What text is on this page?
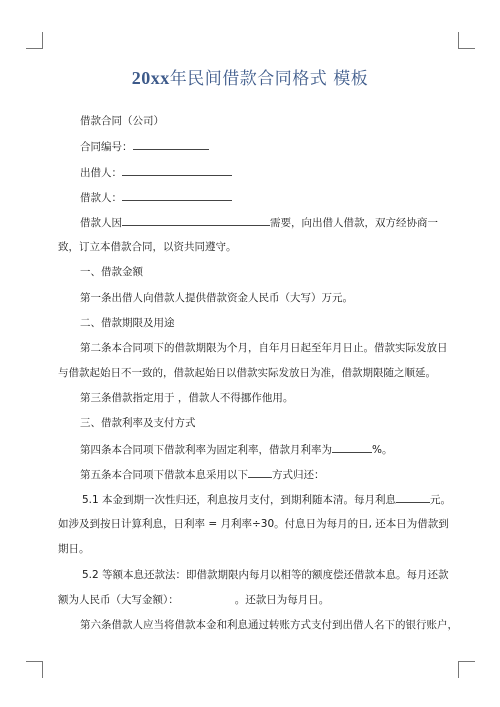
20xx年民间借款合同格式 模板
借款合同（公司）
合同编号：
出借人：
借款人：
借款人因	需要，向出借人借款，双方经协商一
致，订立本借款合同，以资共同遵守。
一、借款金额
第一条出借人向借款人提供借款资金人民币（大写）万元。
二、借款期限及用途
第二条本合同项下的借款期限为个月，自年月日起至年月日止。借款实际发放日
与借款起始日不一致的，借款起始日以借款实际发放日为准，借款期限随之顺延。
第三条借款指定用于 ，借款人不得挪作他用。
三、借款利率及支付方式
第四条本合同项下借款利率为固定利率，借款月利率为	%。
第五条本合同项下借款本息采用以下 方式归还：
5.1 本金到期一次性归还，利息按月支付，到期利随本清。每月利息	元。
如涉及到按日计算利息，日利率 = 月利率÷30。付息日为每月的日, 还本日为借款到
期日。
5.2 等额本息还款法：即借款期限内每月以相等的额度偿还借款本息。每月还款
额为人民币（大写金额）：	。还款日为每月日。
第六条借款人应当将借款本金和利息通过转账方式支付到出借人名下的银行账户，
